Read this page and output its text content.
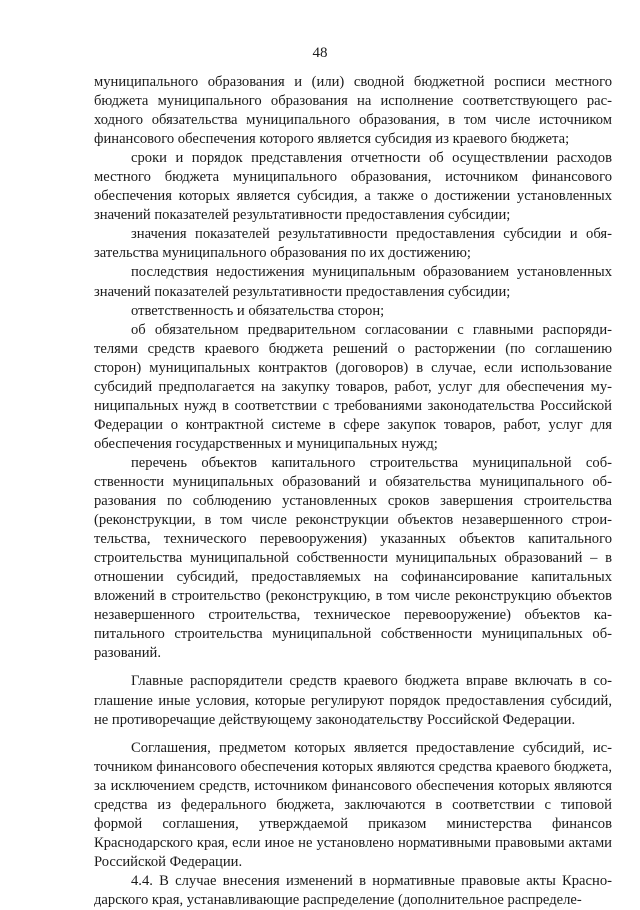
48

муниципального образования и (или) сводной бюджетной росписи местного бюджета муниципального образования на исполнение соответствующего расходного обязательства муниципального образования, в том числе источником финансового обеспечения которого является субсидия из краевого бюджета;

сроки и порядок представления отчетности об осуществлении расходов местного бюджета муниципального образования, источником финансового обеспечения которых является субсидия, а также о достижении установленных значений показателей результативности предоставления субсидии;

значения показателей результативности предоставления субсидии и обязательства муниципального образования по их достижению;

последствия недостижения муниципальным образованием установленных значений показателей результативности предоставления субсидии;

ответственность и обязательства сторон;

об обязательном предварительном согласовании с главными распорядителями средств краевого бюджета решений о расторжении (по соглашению сторон) муниципальных контрактов (договоров) в случае, если использование субсидий предполагается на закупку товаров, работ, услуг для обеспечения муниципальных нужд в соответствии с требованиями законодательства Российской Федерации о контрактной системе в сфере закупок товаров, работ, услуг для обеспечения государственных и муниципальных нужд;

перечень объектов капитального строительства муниципальной собственности муниципальных образований и обязательства муниципального образования по соблюдению установленных сроков завершения строительства (реконструкции, в том числе реконструкции объектов незавершенного строительства, технического перевооружения) указанных объектов капитального строительства муниципальной собственности муниципальных образований – в отношении субсидий, предоставляемых на софинансирование капитальных вложений в строительство (реконструкцию, в том числе реконструкцию объектов незавершенного строительства, техническое перевооружение) объектов капитального строительства муниципальной собственности муниципальных образований.

Главные распорядители средств краевого бюджета вправе включать в соглашение иные условия, которые регулируют порядок предоставления субсидий, не противоречащие действующему законодательству Российской Федерации.

Соглашения, предметом которых является предоставление субсидий, источником финансового обеспечения которых являются средства краевого бюджета, за исключением средств, источником финансового обеспечения которых являются средства из федерального бюджета, заключаются в соответствии с типовой формой соглашения, утверждаемой приказом министерства финансов Краснодарского края, если иное не установлено нормативными правовыми актами Российской Федерации.

4.4. В случае внесения изменений в нормативные правовые акты Краснодарского края, устанавливающие распределение (дополнительное распределе-
